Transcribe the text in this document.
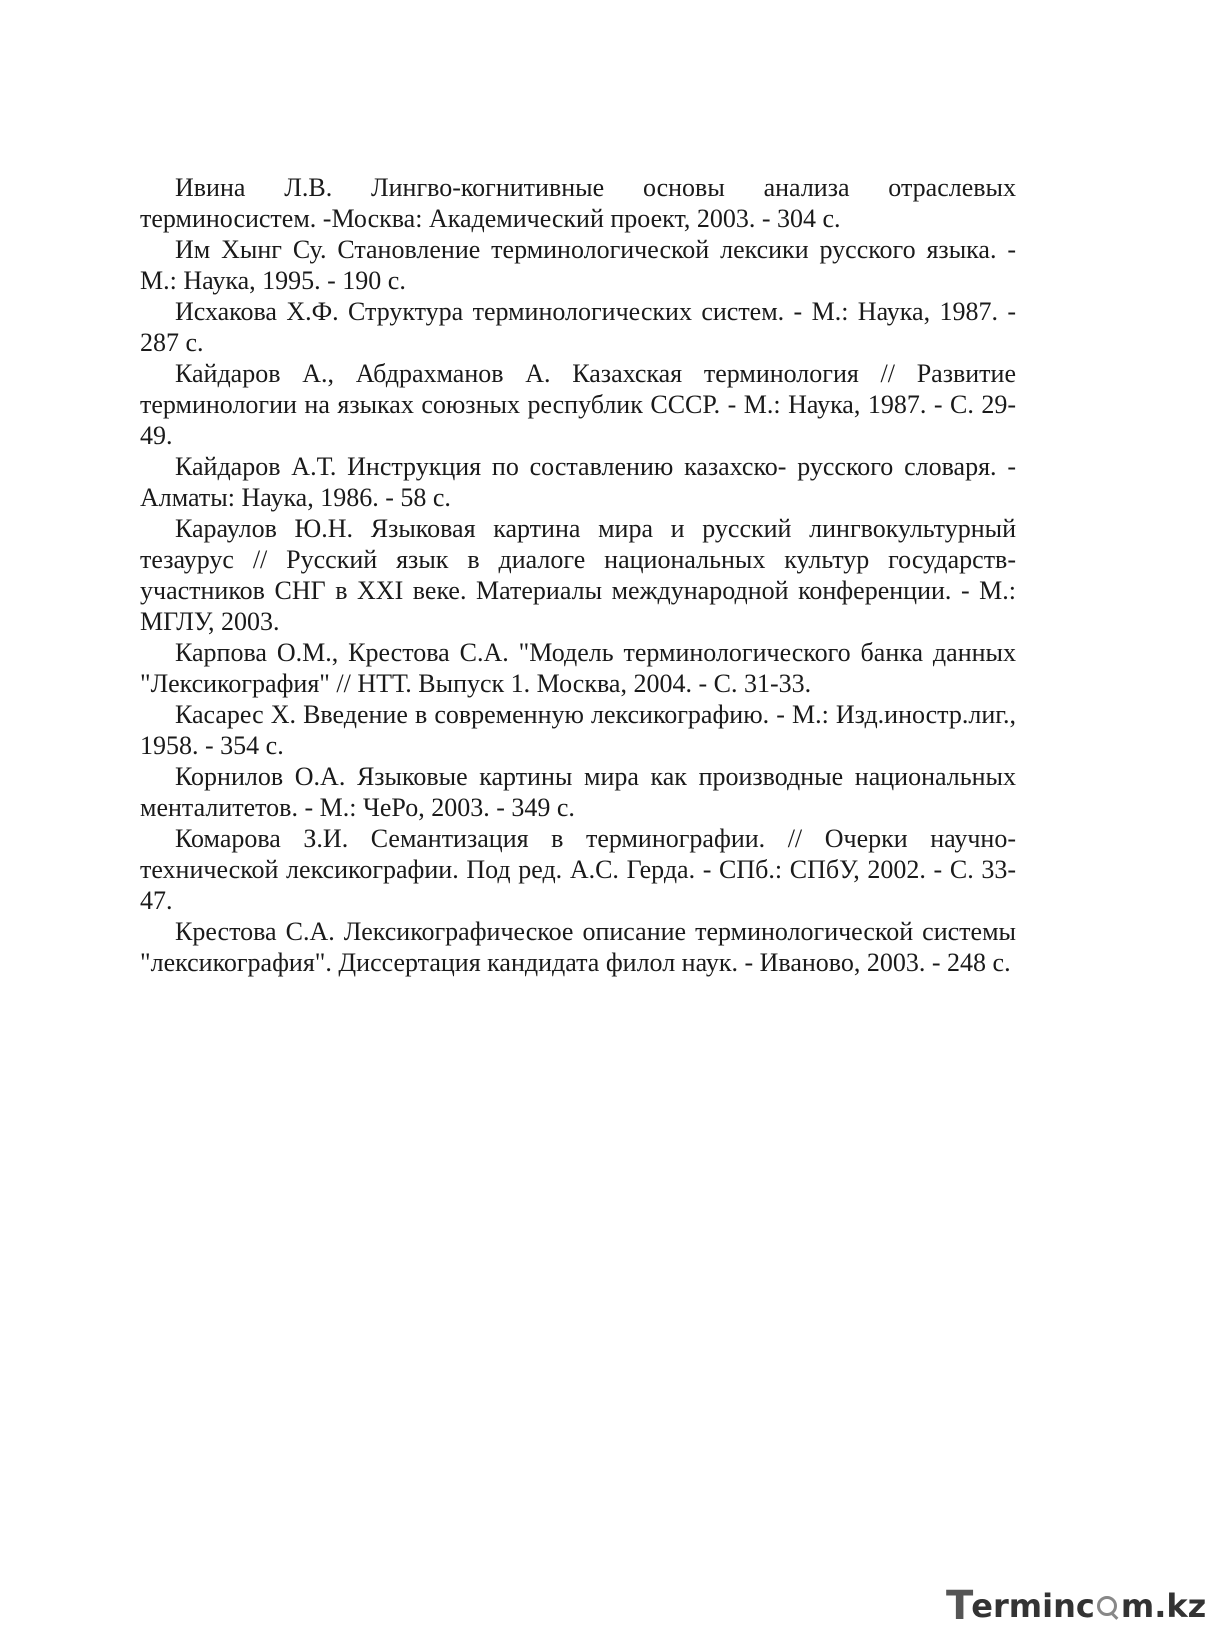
Ивина Л.В. Лингво-когнитивные основы анализа отраслевых терминосистем. -Москва: Академический проект, 2003. - 304 с.
Им Хынг Су. Становление терминологической лексики русского языка. - М.: Наука, 1995. - 190 с.
Исхакова Х.Ф. Структура терминологических систем. - М.: Наука, 1987. - 287 с.
Кайдаров А., Абдрахманов А. Казахская терминология // Развитие терминологии на языках союзных республик СССР. - М.: Наука, 1987. - С. 29-49.
Кайдаров А.Т. Инструкция по составлению казахско- русского словаря. - Алматы: Наука, 1986. - 58 с.
Караулов Ю.Н. Языковая картина мира и русский лингвокультурный тезаурус // Русский язык в диалоге национальных культур государств-участников СНГ в XXI веке. Материалы международной конференции. - М.: МГЛУ, 2003.
Карпова О.М., Крестова С.А. "Модель терминологического банка данных "Лексикография" // НТТ. Выпуск 1. Москва, 2004. - С. 31-33.
Касарес Х. Введение в современную лексикографию. - М.: Изд.иностр.лиг., 1958. - 354 с.
Корнилов О.А. Языковые картины мира как производные национальных менталитетов. - М.: ЧеРо, 2003. - 349 с.
Комарова З.И. Семантизация в терминографии. // Очерки научно-технической лексикографии. Под ред. А.С. Герда. - СПб.: СПбУ, 2002. - С. 33-47.
Крестова С.А. Лексикографическое описание терминологической системы "лексикография". Диссертация кандидата филол наук. - Иваново, 2003. - 248 с.
T erminc m.kz
